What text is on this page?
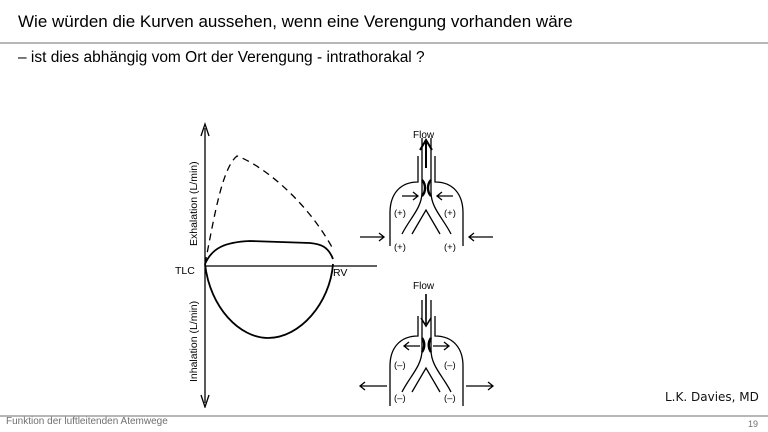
Wie würden die Kurven aussehen, wenn eine Verengung vorhanden wäre
– ist dies abhängig vom Ort der Verengung - intrathorakal ?
Exhalation (L/min)
Inhalation (L/min)
TLC	RV
Flow
(+)	(+)
(+)	(+)
Flow
(–)	(–)
(–)	(–)	L.K. Davies, MD
Funktion der luftleitenden Atemwege	19
